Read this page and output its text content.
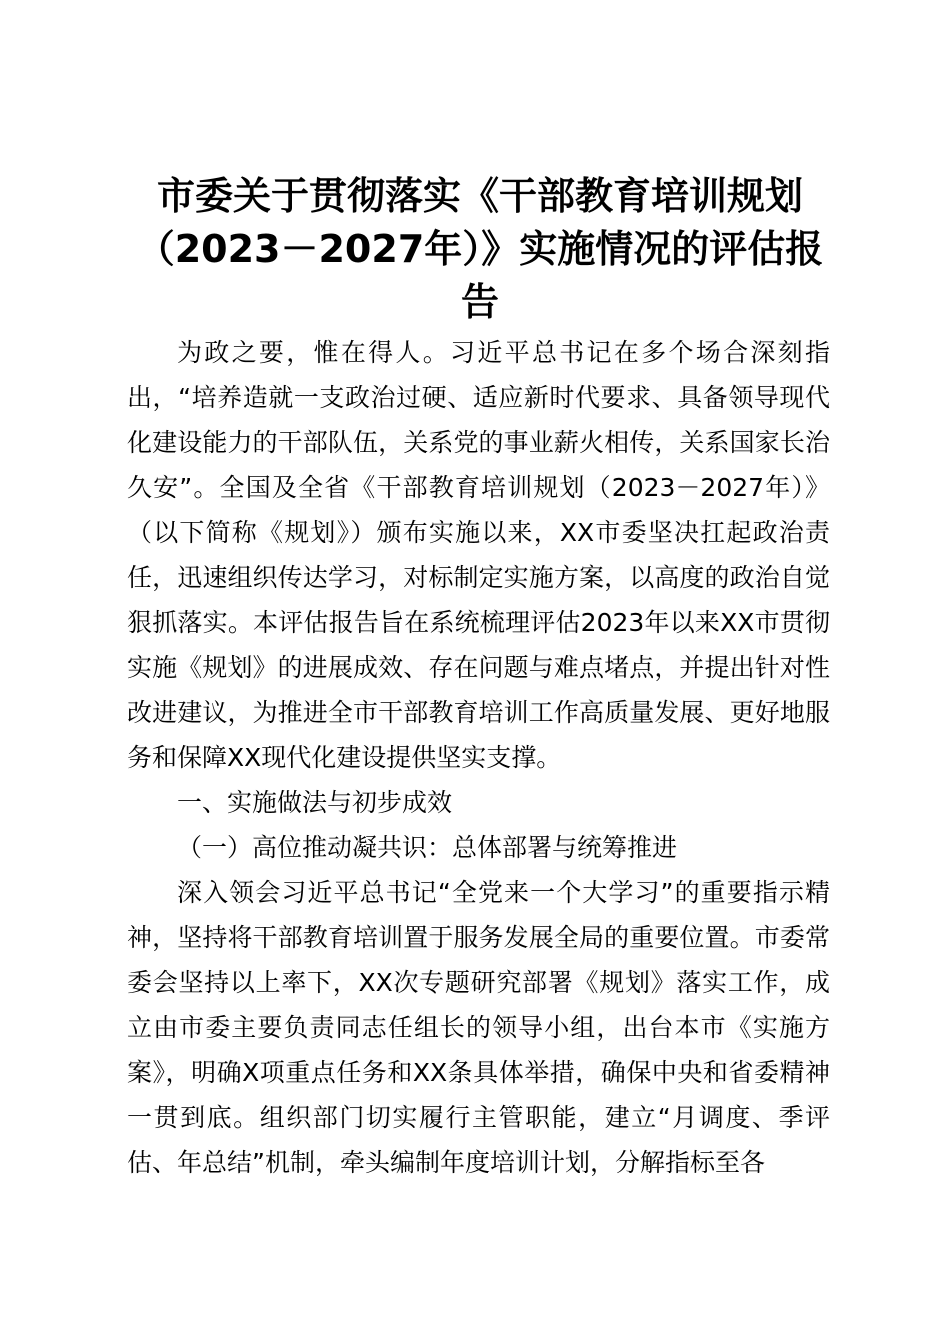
市委关于贯彻落实《干部教育培训规划（2023－2027年）》实施情况的评估报告

为政之要，惟在得人。习近平总书记在多个场合深刻指出，“培养造就一支政治过硬、适应新时代要求、具备领导现代化建设能力的干部队伍，关系党的事业薪火相传，关系国家长治久安”。全国及全省《干部教育培训规划（2023－2027年）》（以下简称《规划》）颁布实施以来，XX市委坚决扛起政治责任，迅速组织传达学习，对标制定实施方案，以高度的政治自觉狠抓落实。本评估报告旨在系统梳理评估2023年以来XX市贯彻实施《规划》的进展成效、存在问题与难点堵点，并提出针对性改进建议，为推进全市干部教育培训工作高质量发展、更好地服务和保障XX现代化建设提供坚实支撑。

一、实施做法与初步成效

（一）高位推动凝共识：总体部署与统筹推进

深入领会习近平总书记“全党来一个大学习”的重要指示精神，坚持将干部教育培训置于服务发展全局的重要位置。市委常委会坚持以上率下，XX次专题研究部署《规划》落实工作，成立由市委主要负责同志任组长的领导小组，出台本市《实施方案》，明确X项重点任务和XX条具体举措，确保中央和省委精神一贯到底。组织部门切实履行主管职能，建立“月调度、季评估、年总结”机制，牵头编制年度培训计划，分解指标至各
